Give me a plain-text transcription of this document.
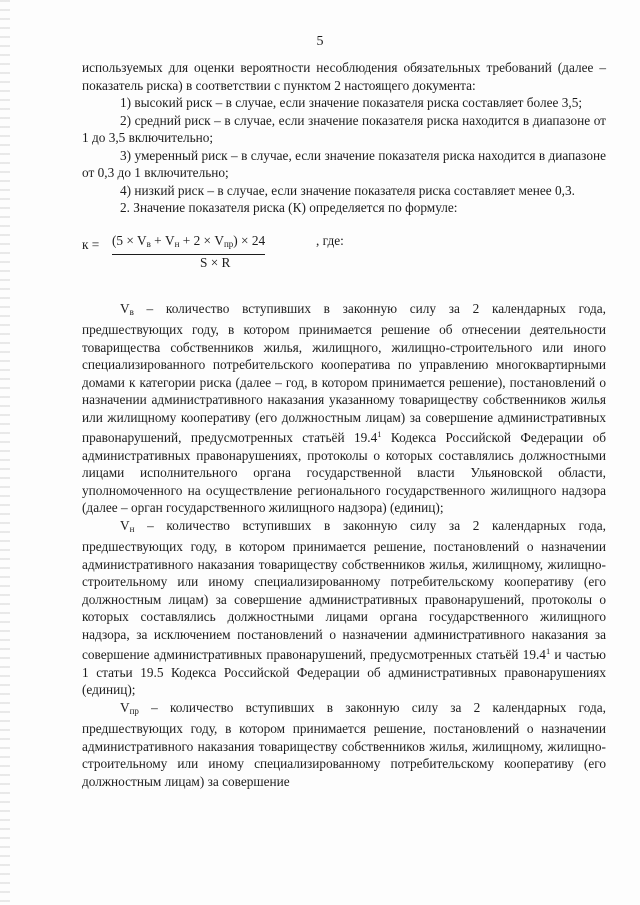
5

используемых для оценки вероятности несоблюдения обязательных требований (далее – показатель риска) в соответствии с пунктом 2 настоящего документа:

1) высокий риск – в случае, если значение показателя риска составляет более 3,5;

2) средний риск – в случае, если значение показателя риска находится в диапазоне от 1 до 3,5 включительно;

3) умеренный риск – в случае, если значение показателя риска находится в диапазоне от 0,3 до 1 включительно;

4) низкий риск – в случае, если значение показателя риска составляет менее 0,3.

2. Значение показателя риска (К) определяется по формуле:

$к = (5 \times V_в + V_н + 2 \times V_{пр}) \times 24$	, где:
S × R

$V_в$ – количество вступивших в законную силу за 2 календарных года, предшествующих году, в котором принимается решение об отнесении деятельности товарищества собственников жилья, жилищного, жилищно-строительного или иного специализированного потребительского кооператива по управлению многоквартирными домами к категории риска (далее – год, в котором принимается решение), постановлений о назначении административного наказания указанному товариществу собственников жилья или жилищному кооперативу (его должностным лицам) за совершение административных правонарушений, предусмотренных статьёй 19.4$^1$ Кодекса Российской Федерации об административных правонарушениях, протоколы о которых составлялись должностными лицами исполнительного органа государственной власти Ульяновской области, уполномоченного на осуществление регионального государственного жилищного надзора (далее – орган государственного жилищного надзора) (единиц);

$V_н$ – количество вступивших в законную силу за 2 календарных года, предшествующих году, в котором принимается решение, постановлений о назначении административного наказания товариществу собственников жилья, жилищному, жилищно-строительному или иному специализированному потребительскому кооперативу (его должностным лицам) за совершение административных правонарушений, протоколы о которых составлялись должностными лицами органа государственного жилищного надзора, за исключением постановлений о назначении административного наказания за совершение административных правонарушений, предусмотренных статьёй 19.4$^1$ и частью 1 статьи 19.5 Кодекса Российской Федерации об административных правонарушениях (единиц);

$V_{пр}$ – количество вступивших в законную силу за 2 календарных года, предшествующих году, в котором принимается решение, постановлений о назначении административного наказания товариществу собственников жилья, жилищному, жилищно-строительному или иному специализированному потребительскому кооперативу (его должностным лицам) за совершение
